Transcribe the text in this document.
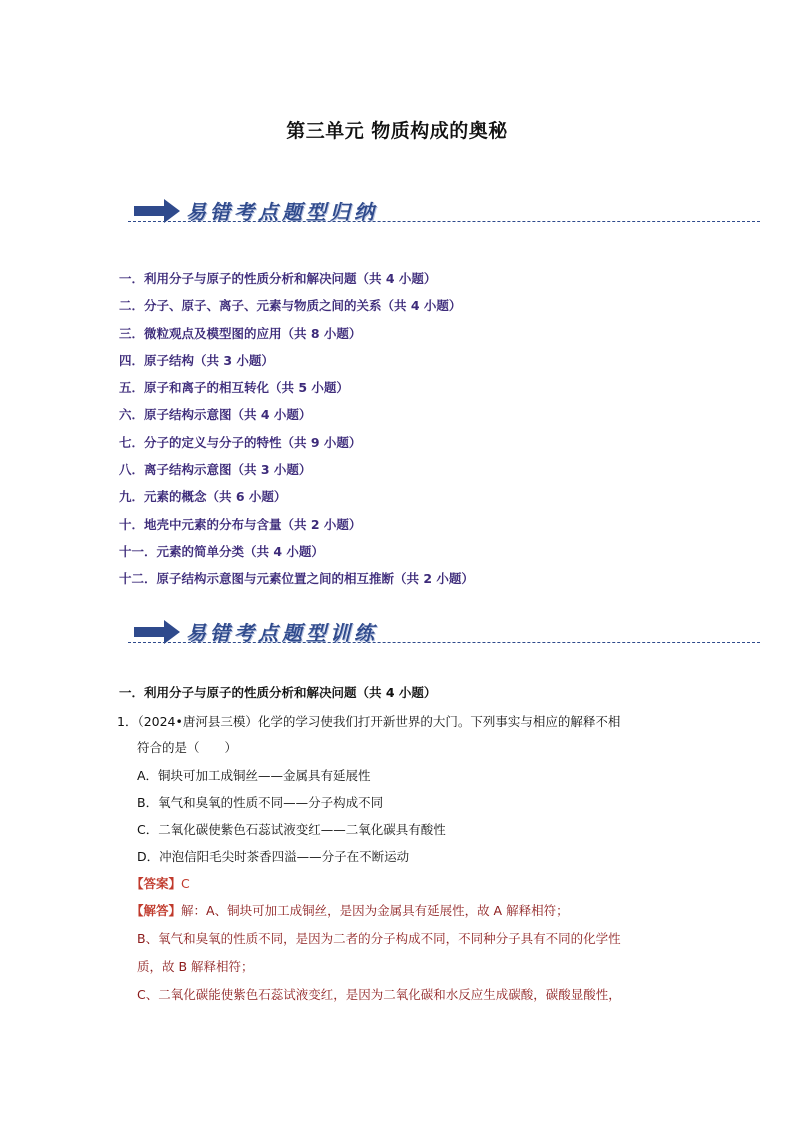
第三单元 物质构成的奥秘
易错考点题型归纳
一．利用分子与原子的性质分析和解决问题（共 4 小题）
二．分子、原子、离子、元素与物质之间的关系（共 4 小题）
三．微粒观点及模型图的应用（共 8 小题）
四．原子结构（共 3 小题）
五．原子和离子的相互转化（共 5 小题）
六．原子结构示意图（共 4 小题）
七．分子的定义与分子的特性（共 9 小题）
八．离子结构示意图（共 3 小题）
九．元素的概念（共 6 小题）
十．地壳中元素的分布与含量（共 2 小题）
十一．元素的简单分类（共 4 小题）
十二．原子结构示意图与元素位置之间的相互推断（共 2 小题）
易错考点题型训练
一．利用分子与原子的性质分析和解决问题（共 4 小题）
1．（2024•唐河县三模）化学的学习使我们打开新世界的大门。下列事实与相应的解释不相
符合的是（　　）
A．铜块可加工成铜丝——金属具有延展性
B．氧气和臭氧的性质不同——分子构成不同
C．二氧化碳使紫色石蕊试液变红——二氧化碳具有酸性
D．冲泡信阳毛尖时茶香四溢——分子在不断运动
【答案】C
【解答】解：A、铜块可加工成铜丝，是因为金属具有延展性，故 A 解释相符；
B、氧气和臭氧的性质不同，是因为二者的分子构成不同，不同种分子具有不同的化学性
质，故 B 解释相符；
C、二氧化碳能使紫色石蕊试液变红，是因为二氧化碳和水反应生成碳酸，碳酸显酸性，
